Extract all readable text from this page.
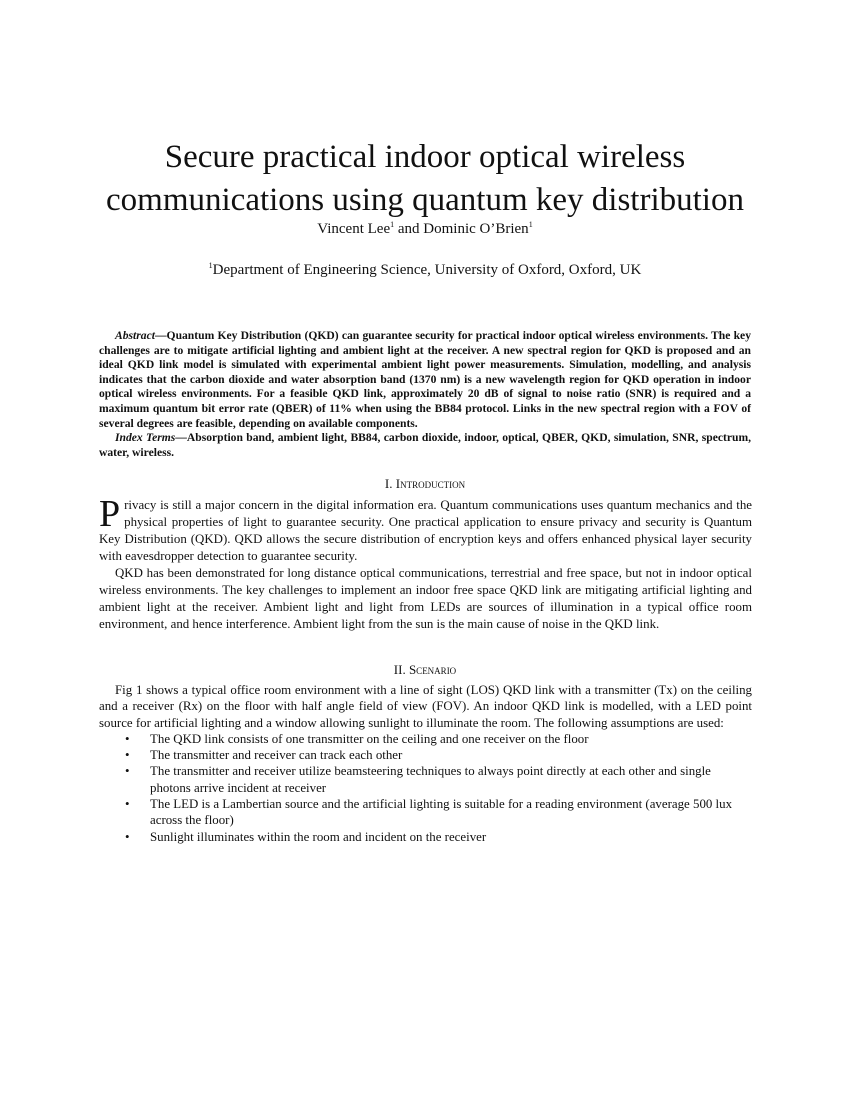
Secure practical indoor optical wireless communications using quantum key distribution
Vincent Lee$^1$ and Dominic O’Brien$^1$
$^1$Department of Engineering Science, University of Oxford, Oxford, UK

Abstract—Quantum Key Distribution (QKD) can guarantee security for practical indoor optical wireless environments. The key challenges are to mitigate artificial lighting and ambient light at the receiver. A new spectral region for QKD is proposed and an ideal QKD link model is simulated with experimental ambient light power measurements. Simulation, modelling, and analysis indicates that the carbon dioxide and water absorption band (1370 nm) is a new wavelength region for QKD operation in indoor optical wireless environments. For a feasible QKD link, approximately 20 dB of signal to noise ratio (SNR) is required and a maximum quantum bit error rate (QBER) of 11% when using the BB84 protocol. Links in the new spectral region with a FOV of several degrees are feasible, depending on available components.

Index Terms—Absorption band, ambient light, BB84, carbon dioxide, indoor, optical, QBER, QKD, simulation, SNR, spectrum, water, wireless.

I. Introduction

Privacy is still a major concern in the digital information era. Quantum communications uses quantum mechanics and the physical properties of light to guarantee security. One practical application to ensure privacy and security is Quantum Key Distribution (QKD). QKD allows the secure distribution of encryption keys and offers enhanced physical layer security with eavesdropper detection to guarantee security.

QKD has been demonstrated for long distance optical communications, terrestrial and free space, but not in indoor optical wireless environments. The key challenges to implement an indoor free space QKD link are mitigating artificial lighting and ambient light at the receiver. Ambient light and light from LEDs are sources of illumination in a typical office room environment, and hence interference. Ambient light from the sun is the main cause of noise in the QKD link.

II. Scenario

Fig 1 shows a typical office room environment with a line of sight (LOS) QKD link with a transmitter (Tx) on the ceiling and a receiver (Rx) on the floor with half angle field of view (FOV). An indoor QKD link is modelled, with a LED point source for artificial lighting and a window allowing sunlight to illuminate the room. The following assumptions are used:

• The QKD link consists of one transmitter on the ceiling and one receiver on the floor
• The transmitter and receiver can track each other
• The transmitter and receiver utilize beamsteering techniques to always point directly at each other and single photons arrive incident at receiver
• The LED is a Lambertian source and the artificial lighting is suitable for a reading environment (average 500 lux across the floor)
• Sunlight illuminates within the room and incident on the receiver
